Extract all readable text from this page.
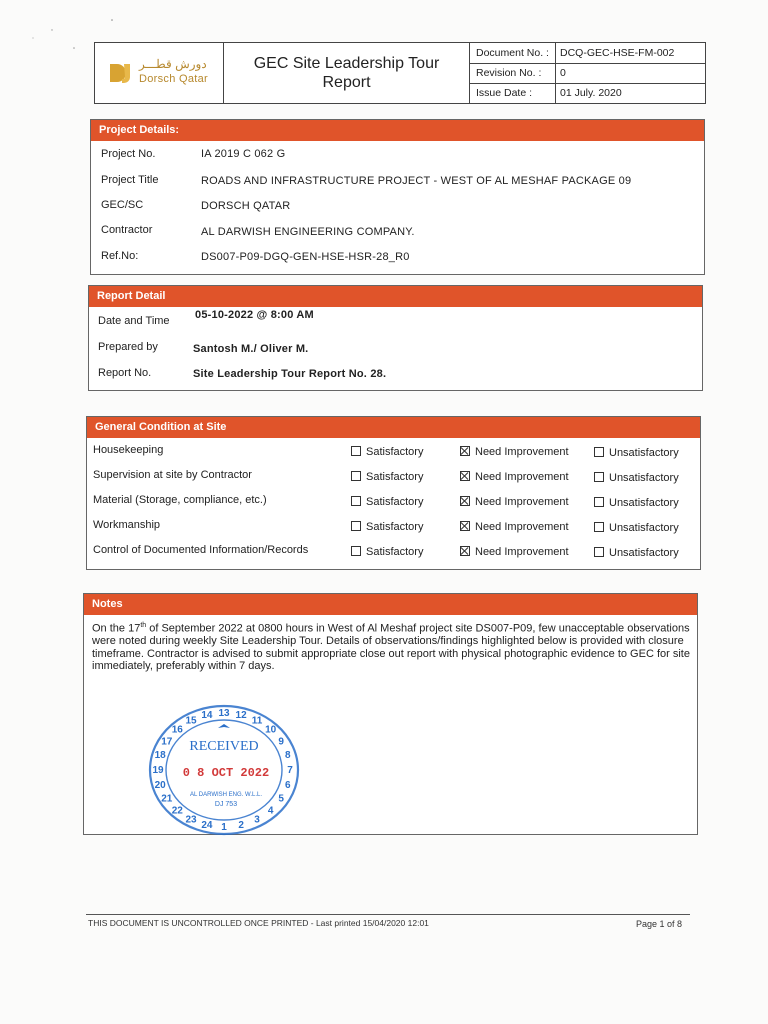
دورش قطـــر
Dorsch Qatar
GEC Site Leadership Tour
Report
Document No. :	DCQ-GEC-HSE-FM-002
Revision No. :	0
Issue Date :	01 July. 2020
Project Details:
Project No.	IA 2019 C 062 G
Project Title	ROADS AND INFRASTRUCTURE PROJECT - WEST OF AL MESHAF PACKAGE 09
GEC/SC	DORSCH QATAR
Contractor	AL DARWISH ENGINEERING COMPANY.
Ref.No:	DS007-P09-DGQ-GEN-HSE-HSR-28_R0
Report Detail
Date and Time 05-10-2022 @ 8:00 AM
Prepared by	Santosh M./ Oliver M.
Report No.	Site Leadership Tour Report No. 28.
General Condition at Site
Housekeeping	Satisfactory	Need Improvement	Unsatisfactory
Supervision at site by Contractor	Satisfactory	Need Improvement	Unsatisfactory
Material (Storage, compliance, etc.)	Satisfactory	Need Improvement	Unsatisfactory
Workmanship	Satisfactory	Need Improvement	Unsatisfactory
Control of Documented Information/Records	Satisfactory	Need Improvement	Unsatisfactory
Notes
On the 17th of September 2022 at 0800 hours in West of Al Meshaf project site DS007-P09, few unacceptable observations were noted during weekly Site Leadership Tour. Details of observations/findings highlighted below is provided with closure timeframe. Contractor is advised to submit appropriate close out report with physical photographic evidence to GEC for site immediately, preferably within 7 days.
1 2
3
4
5
6
7
8
9
10
11
12
13
14
15
16
17
18
19
20
21
22
23
24
RECEIVED
0 8 OCT 2022
AL DARWISH ENG. W.L.L.
DJ 753
THIS DOCUMENT IS UNCONTROLLED ONCE PRINTED - Last printed 15/04/2020 12:01	Page 1 of 8
